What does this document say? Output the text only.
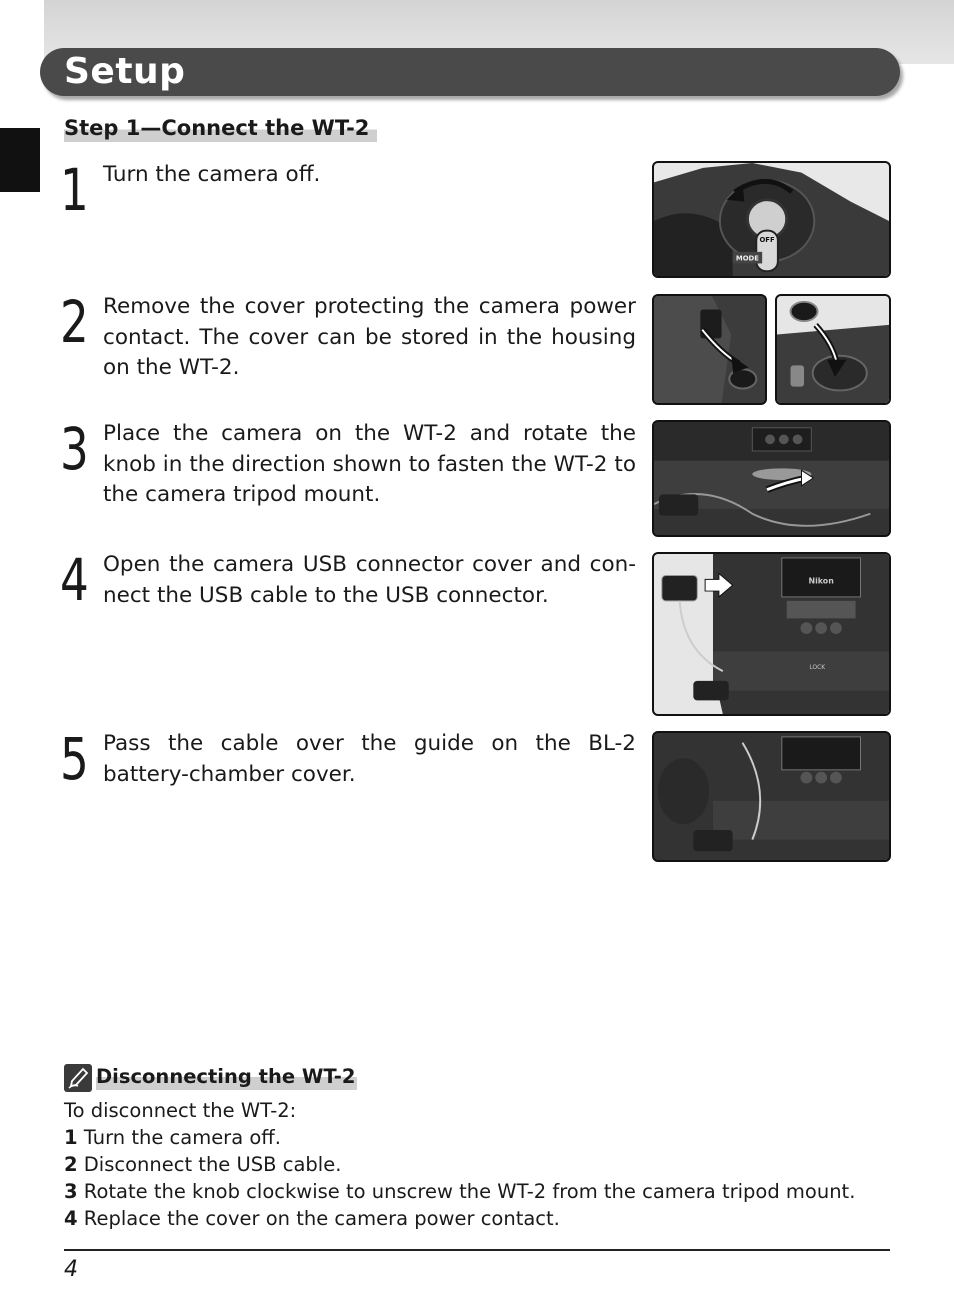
Setup
Step 1—Connect the WT-2
1 Turn the camera off.
2 Remove the cover protecting the camera power contact. The cover can be stored in the housing on the WT-2.
3 Place the camera on the WT-2 and rotate the knob in the direction shown to fasten the WT-2 to the camera tripod mount.
4 Open the camera USB connector cover and con-nect the USB cable to the USB connector.
5 Pass the cable over the guide on the BL-2 battery-chamber cover.
OFF
MODE
Nikon
LOCK
Disconnecting the WT-2
To disconnect the WT-2:
1 Turn the camera off.
2 Disconnect the USB cable.
3 Rotate the knob clockwise to unscrew the WT-2 from the camera tripod mount.
4 Replace the cover on the camera power contact.
4
